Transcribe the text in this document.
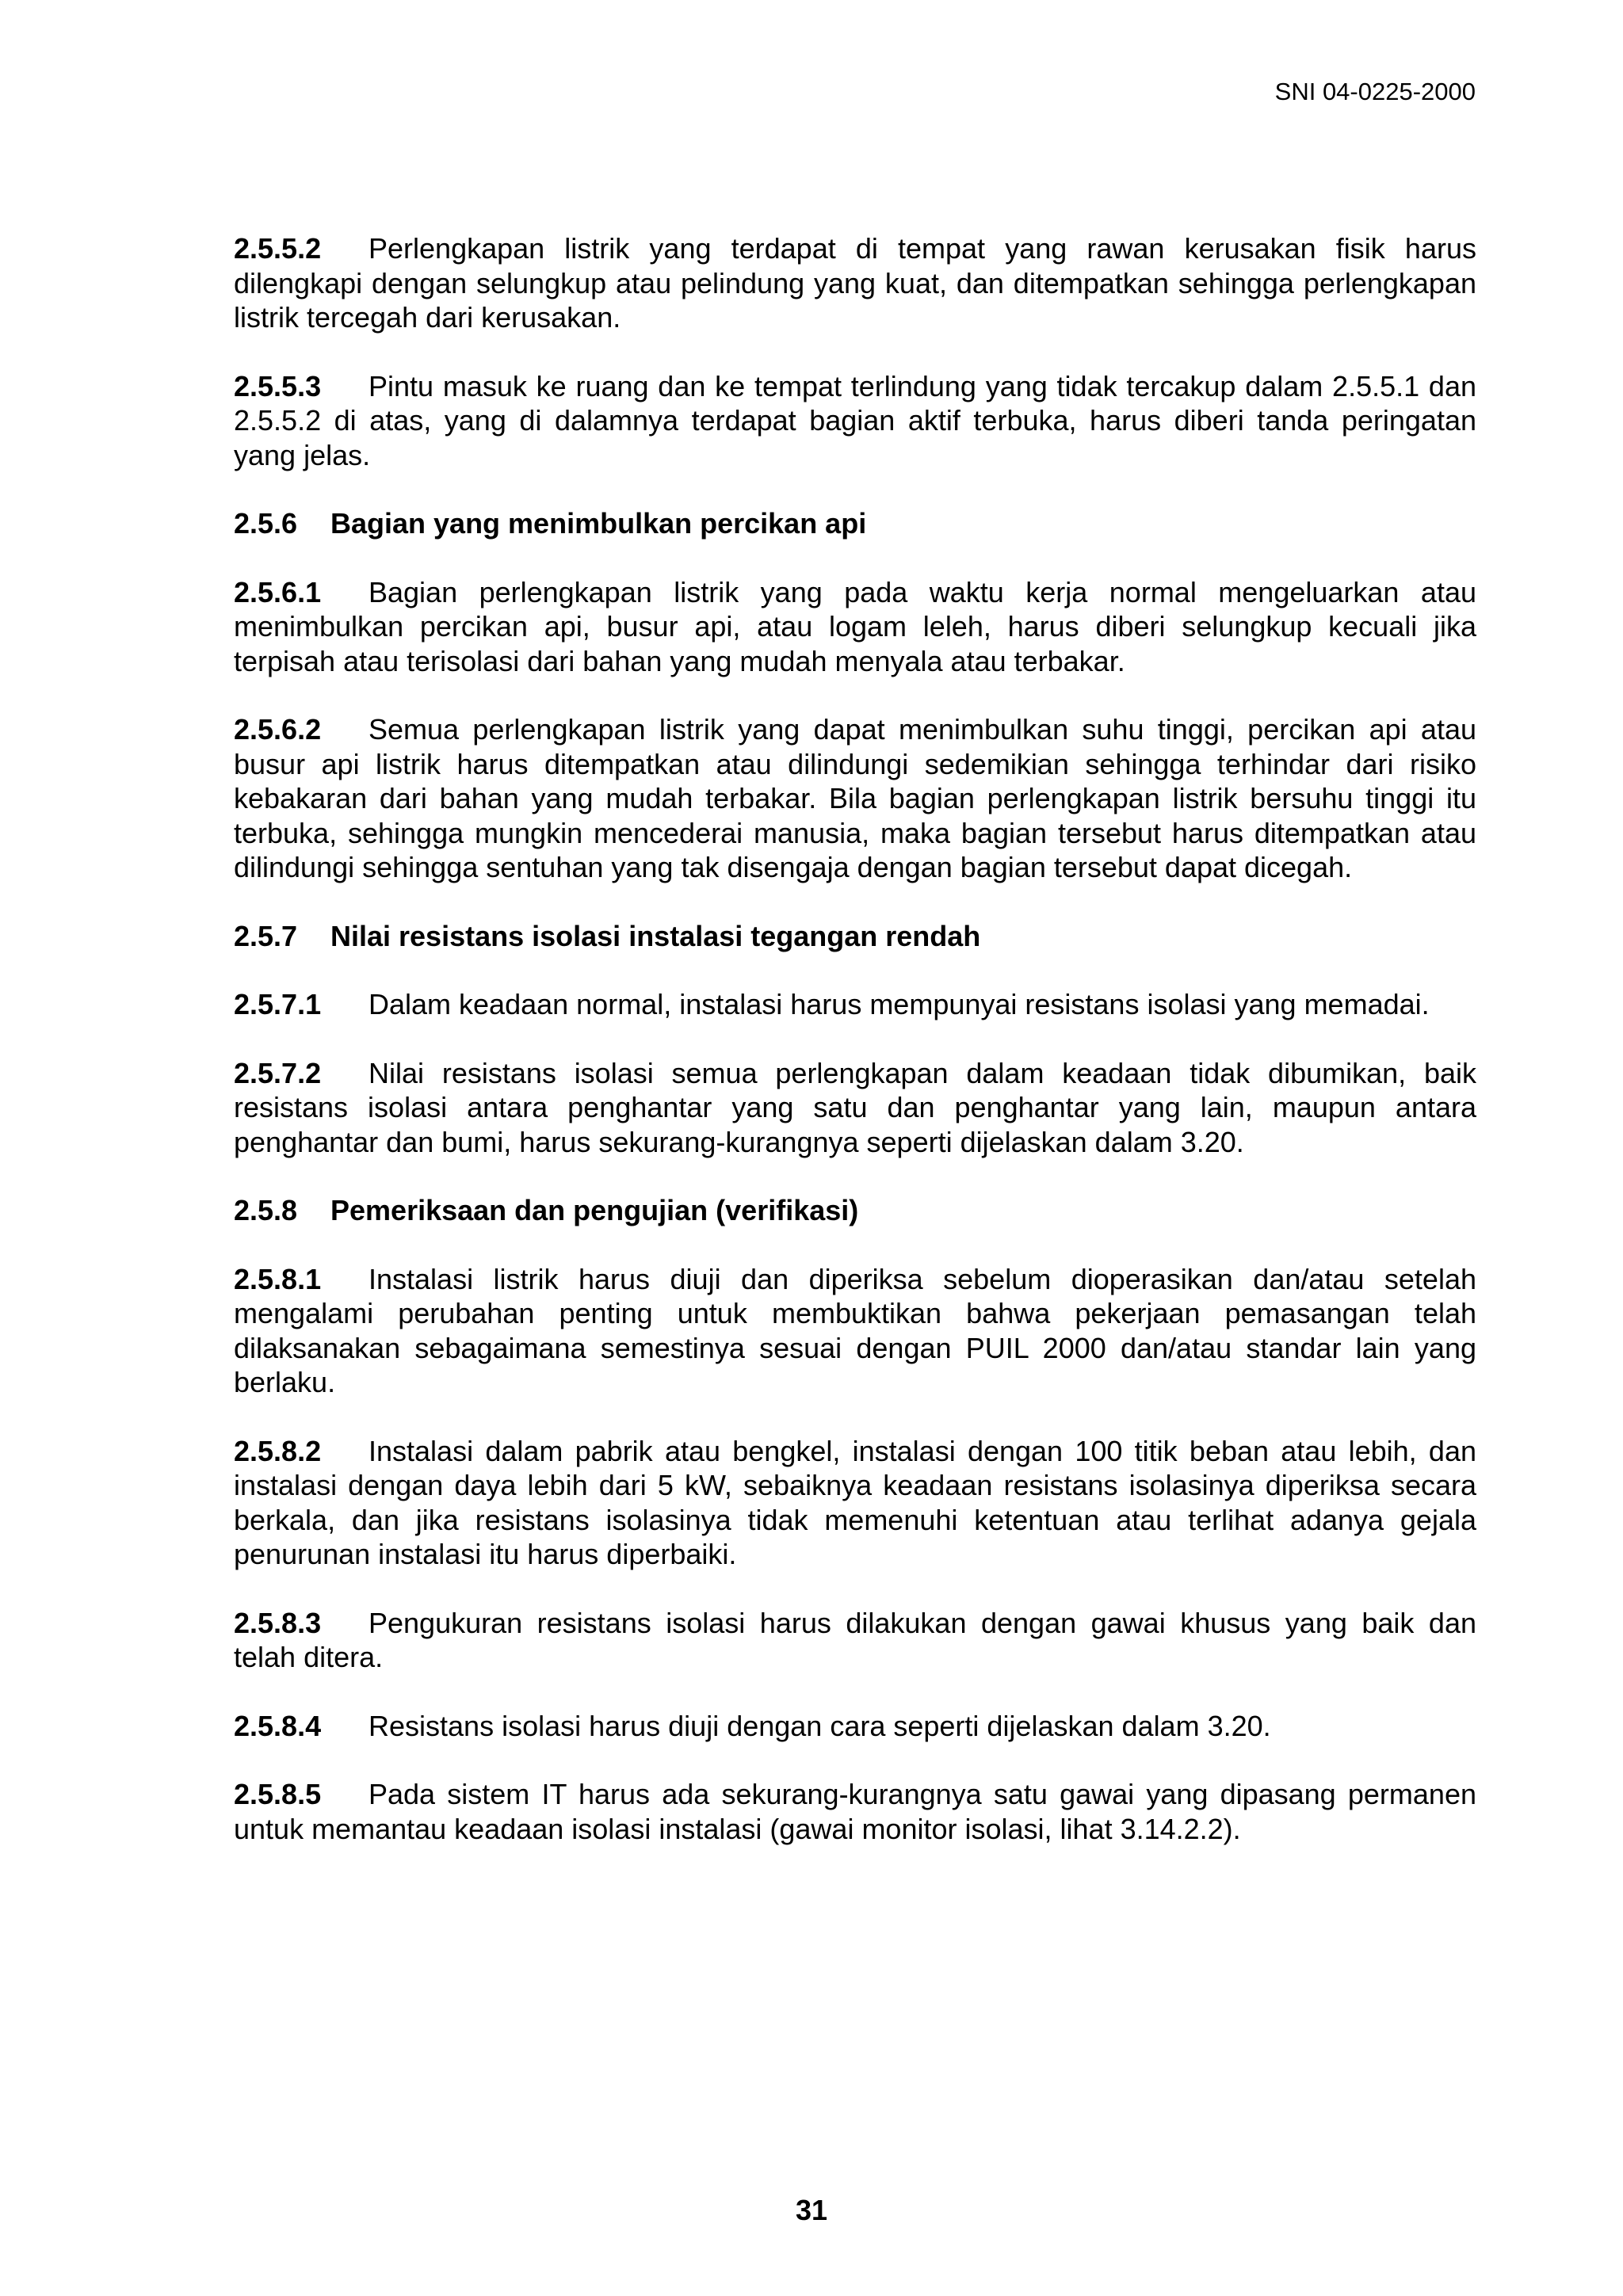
SNI 04-0225-2000

2.5.5.2 Perlengkapan listrik yang terdapat di tempat yang rawan kerusakan fisik harus dilengkapi dengan selungkup atau pelindung yang kuat, dan ditempatkan sehingga perlengkapan listrik tercegah dari kerusakan.

2.5.5.3 Pintu masuk ke ruang dan ke tempat terlindung yang tidak tercakup dalam 2.5.5.1 dan 2.5.5.2 di atas, yang di dalamnya terdapat bagian aktif terbuka, harus diberi tanda peringatan yang jelas.

2.5.6 Bagian yang menimbulkan percikan api

2.5.6.1 Bagian perlengkapan listrik yang pada waktu kerja normal mengeluarkan atau menimbulkan percikan api, busur api, atau logam leleh, harus diberi selungkup kecuali jika terpisah atau terisolasi dari bahan yang mudah menyala atau terbakar.

2.5.6.2 Semua perlengkapan listrik yang dapat menimbulkan suhu tinggi, percikan api atau busur api listrik harus ditempatkan atau dilindungi sedemikian sehingga terhindar dari risiko kebakaran dari bahan yang mudah terbakar. Bila bagian perlengkapan listrik bersuhu tinggi itu terbuka, sehingga mungkin mencederai manusia, maka bagian tersebut harus ditempatkan atau dilindungi sehingga sentuhan yang tak disengaja dengan bagian tersebut dapat dicegah.

2.5.7 Nilai resistans isolasi instalasi tegangan rendah

2.5.7.1 Dalam keadaan normal, instalasi harus mempunyai resistans isolasi yang memadai.

2.5.7.2 Nilai resistans isolasi semua perlengkapan dalam keadaan tidak dibumikan, baik resistans isolasi antara penghantar yang satu dan penghantar yang lain, maupun antara penghantar dan bumi, harus sekurang-kurangnya seperti dijelaskan dalam 3.20.

2.5.8 Pemeriksaan dan pengujian (verifikasi)

2.5.8.1 Instalasi listrik harus diuji dan diperiksa sebelum dioperasikan dan/atau setelah mengalami perubahan penting untuk membuktikan bahwa pekerjaan pemasangan telah dilaksanakan sebagaimana semestinya sesuai dengan PUIL 2000 dan/atau standar lain yang berlaku.

2.5.8.2 Instalasi dalam pabrik atau bengkel, instalasi dengan 100 titik beban atau lebih, dan instalasi dengan daya lebih dari 5 kW, sebaiknya keadaan resistans isolasinya diperiksa secara berkala, dan jika resistans isolasinya tidak memenuhi ketentuan atau terlihat adanya gejala penurunan instalasi itu harus diperbaiki.

2.5.8.3 Pengukuran resistans isolasi harus dilakukan dengan gawai khusus yang baik dan telah ditera.

2.5.8.4 Resistans isolasi harus diuji dengan cara seperti dijelaskan dalam 3.20.

2.5.8.5 Pada sistem IT harus ada sekurang-kurangnya satu gawai yang dipasang permanen untuk memantau keadaan isolasi instalasi (gawai monitor isolasi, lihat 3.14.2.2).

31
